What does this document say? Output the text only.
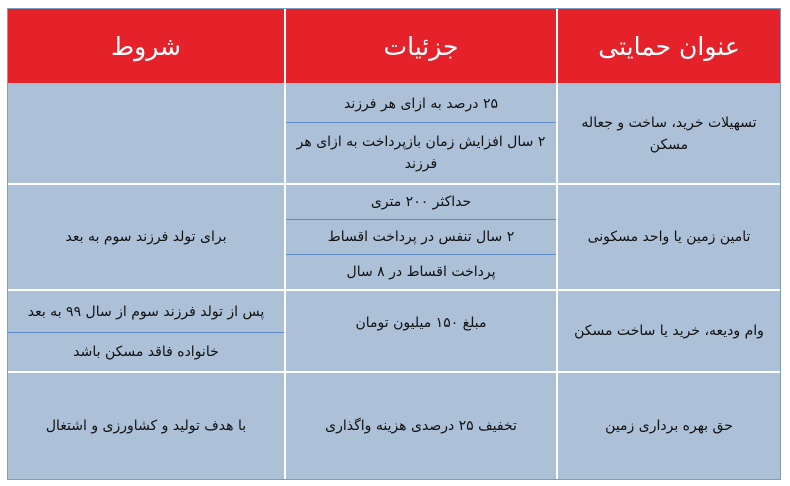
شروط	جزئیات	عنوان حمایتی
تسهیلات خرید، ساخت و جعاله مسکن
۲۵ درصد به ازای هر فرزند
۲ سال افزایش زمان بازپرداخت به ازای هر فرزند
تامین زمین یا واحد مسکونی
حداکثر ۲۰۰ متری
۲ سال تنفس در پرداخت اقساط
پرداخت اقساط در ۸ سال
برای تولد فرزند سوم به بعد
وام ودیعه، خرید یا ساخت مسکن
مبلغ ۱۵۰ میلیون تومان
پس از تولد فرزند سوم از سال ۹۹ به بعد
خانواده فاقد مسکن باشد
حق بهره برداری زمین
تخفیف ۲۵ درصدی هزینه واگذاری
با هدف تولید و کشاورزی و اشتغال
